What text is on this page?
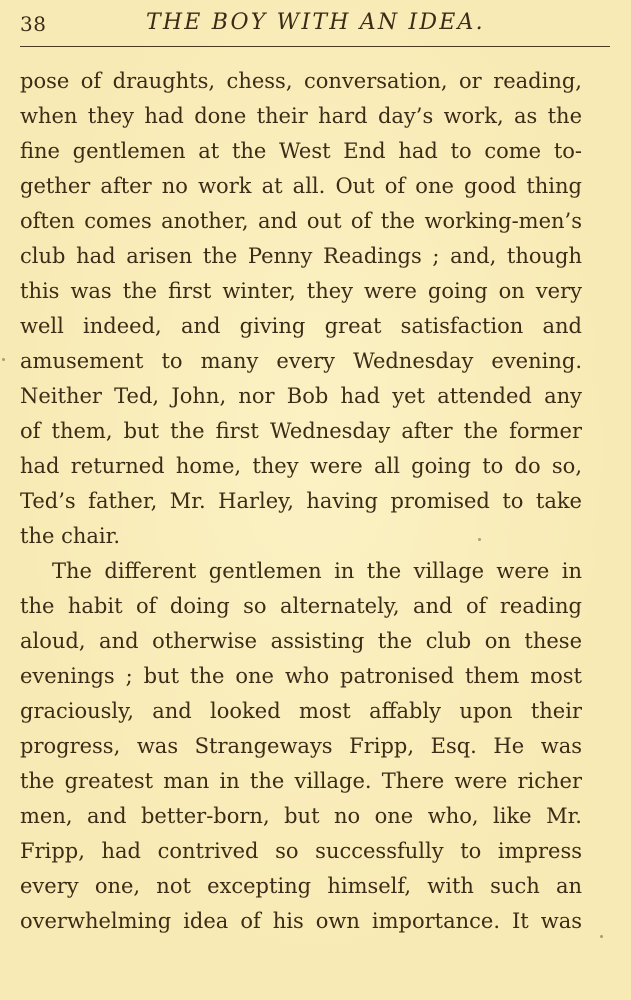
38	THE BOY WITH AN IDEA.
pose of draughts, chess, conversation, or reading,
when they had done their hard day’s work, as the
fine gentlemen at the West End had to come to-
gether after no work at all. Out of one good thing
often comes another, and out of the working-men’s
club had arisen the Penny Readings ; and, though
this was the first winter, they were going on very
well indeed, and giving great satisfaction and
amusement to many every Wednesday evening.
Neither Ted, John, nor Bob had yet attended any
of them, but the first Wednesday after the former
had returned home, they were all going to do so,
Ted’s father, Mr. Harley, having promised to take
the chair.
The different gentlemen in the village were in
the habit of doing so alternately, and of reading
aloud, and otherwise assisting the club on these
evenings ; but the one who patronised them most
graciously, and looked most affably upon their
progress, was Strangeways Fripp, Esq. He was
the greatest man in the village. There were richer
men, and better-born, but no one who, like Mr.
Fripp, had contrived so successfully to impress
every one, not excepting himself, with such an
overwhelming idea of his own importance. It was
